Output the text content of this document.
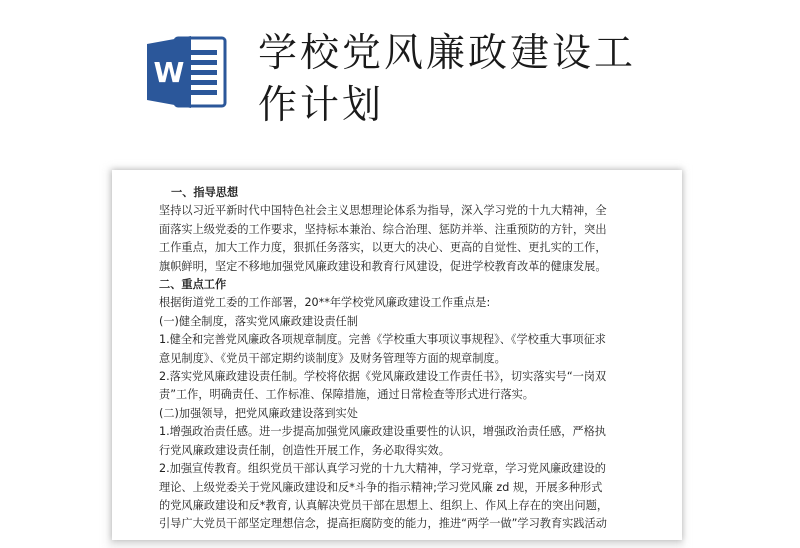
W 学校党风廉政建设工
作计划

一、指导思想

坚持以习近平新时代中国特色社会主义思想理论体系为指导，深入学习党的十九大精神，全

面落实上级党委的工作要求，坚持标本兼治、综合治理、惩防并举、注重预防的方针，突出

工作重点，加大工作力度，狠抓任务落实，以更大的决心、更高的自觉性、更扎实的工作，

旗帜鲜明，坚定不移地加强党风廉政建设和教育行风建设，促进学校教育改革的健康发展。

二、重点工作

根据街道党工委的工作部署，20**年学校党风廉政建设工作重点是:

(一)健全制度，落实党风廉政建设责任制

1.健全和完善党风廉政各项规章制度。完善《学校重大事项议事规程》、《学校重大事项征求

意见制度》、《党员干部定期约谈制度》及财务管理等方面的规章制度。

2.落实党风廉政建设责任制。学校将依据《党风廉政建设工作责任书》，切实落实号“一岗双

责”工作，明确责任、工作标准、保障措施，通过日常检查等形式进行落实。

(二)加强领导，把党风廉政建设落到实处

1.增强政治责任感。进一步提高加强党风廉政建设重要性的认识，增强政治责任感，严格执

行党风廉政建设责任制，创造性开展工作，务必取得实效。

2.加强宣传教育。组织党员干部认真学习党的十九大精神，学习党章，学习党风廉政建设的

理论、上级党委关于党风廉政建设和反*斗争的指示精神;学习党风廉 zd 规，开展多种形式

的党风廉政建设和反*教育, 认真解决党员干部在思想上、组织上、作风上存在的突出问题，

引导广大党员干部坚定理想信念，提高拒腐防变的能力，推进“两学一做”学习教育实践活动
